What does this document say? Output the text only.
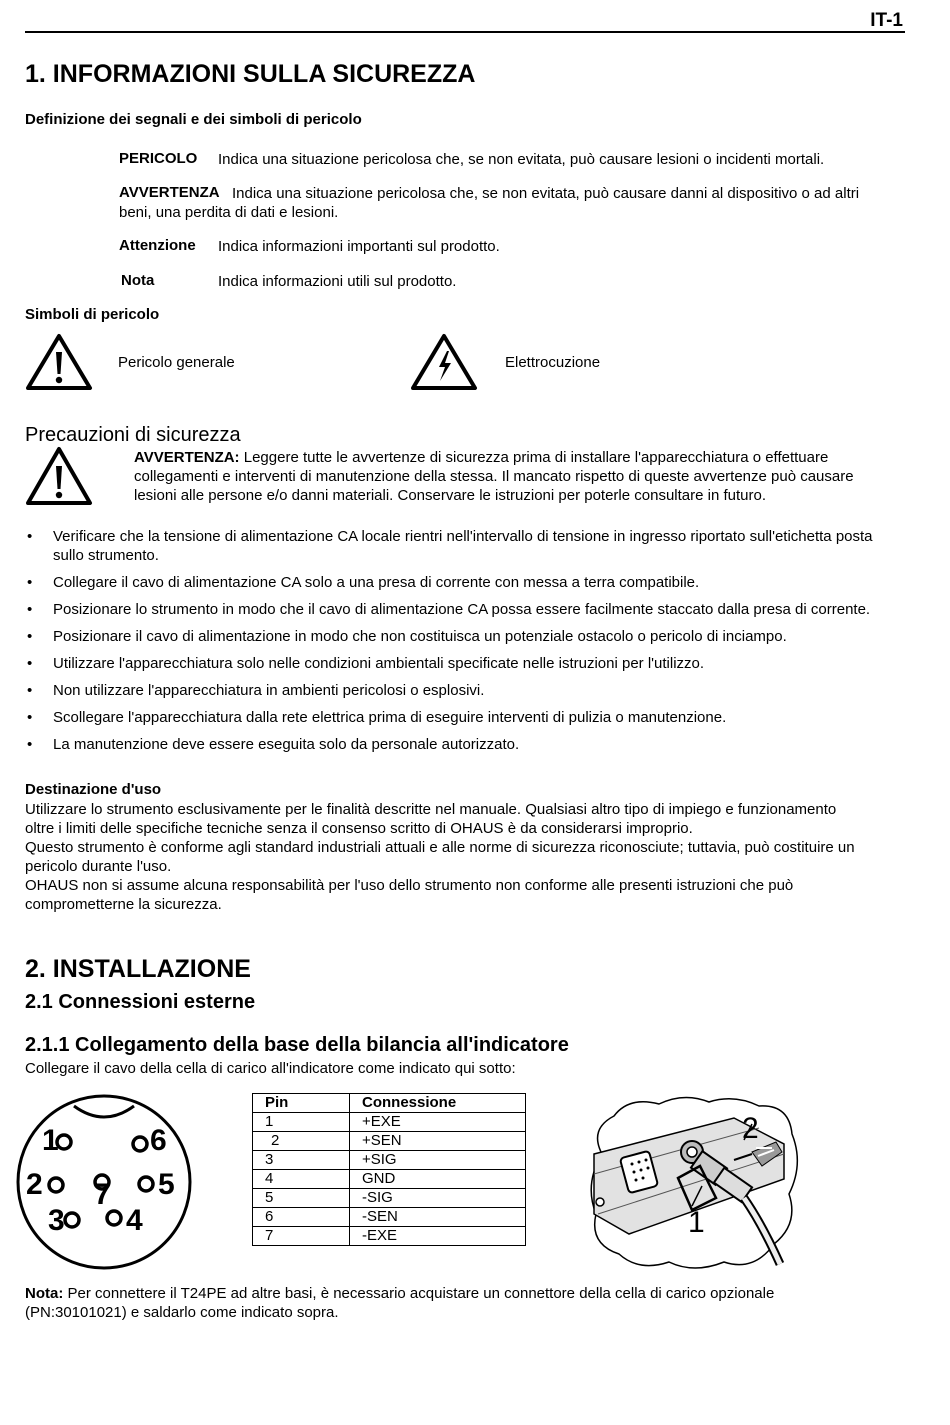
IT-1
1. INFORMAZIONI SULLA SICUREZZA
Definizione dei segnali e dei simboli di pericolo
PERICOLO Indica una situazione pericolosa che, se non evitata, può causare lesioni o incidenti mortali.
AVVERTENZA Indica una situazione pericolosa che, se non evitata, può causare danni al dispositivo o ad altri
beni, una perdita di dati e lesioni.
Attenzione Indica informazioni importanti sul prodotto.
Nota	Indica informazioni utili sul prodotto.
Simboli di pericolo
Pericolo generale	Elettrocuzione
Precauzioni di sicurezza
AVVERTENZA: Leggere tutte le avvertenze di sicurezza prima di installare l'apparecchiatura o effettuare
collegamenti e interventi di manutenzione della stessa. Il mancato rispetto di queste avvertenze può causare
lesioni alle persone e/o danni materiali. Conservare le istruzioni per poterle consultare in futuro.
• Verificare che la tensione di alimentazione CA locale rientri nell'intervallo di tensione in ingresso riportato sull'etichetta posta sullo strumento.
• Collegare il cavo di alimentazione CA solo a una presa di corrente con messa a terra compatibile.
• Posizionare lo strumento in modo che il cavo di alimentazione CA possa essere facilmente staccato dalla presa di corrente.
• Posizionare il cavo di alimentazione in modo che non costituisca un potenziale ostacolo o pericolo di inciampo.
• Utilizzare l'apparecchiatura solo nelle condizioni ambientali specificate nelle istruzioni per l'utilizzo.
• Non utilizzare l'apparecchiatura in ambienti pericolosi o esplosivi.
• Scollegare l'apparecchiatura dalla rete elettrica prima di eseguire interventi di pulizia o manutenzione.
• La manutenzione deve essere eseguita solo da personale autorizzato.
Destinazione d'uso
Utilizzare lo strumento esclusivamente per le finalità descritte nel manuale. Qualsiasi altro tipo di impiego e funzionamento
oltre i limiti delle specifiche tecniche senza il consenso scritto di OHAUS è da considerarsi improprio.
Questo strumento è conforme agli standard industriali attuali e alle norme di sicurezza riconosciute; tuttavia, può costituire un
pericolo durante l'uso.
OHAUS non si assume alcuna responsabilità per l'uso dello strumento non conforme alle presenti istruzioni che può
comprometterne la sicurezza.
2. INSTALLAZIONE
2.1 Connessioni esterne
2.1.1 Collegamento della base della bilancia all'indicatore
Collegare il cavo della cella di carico all'indicatore come indicato qui sotto:
1
2
3 4
5
6
7
Pin	Connessione
1	+EXE
2	+SEN
3	+SIG
4	GND
5	-SIG
6	-SEN
7	-EXE	1
2
Nota: Per connettere il T24PE ad altre basi, è necessario acquistare un connettore della cella di carico opzionale
(PN:30101021) e saldarlo come indicato sopra.
